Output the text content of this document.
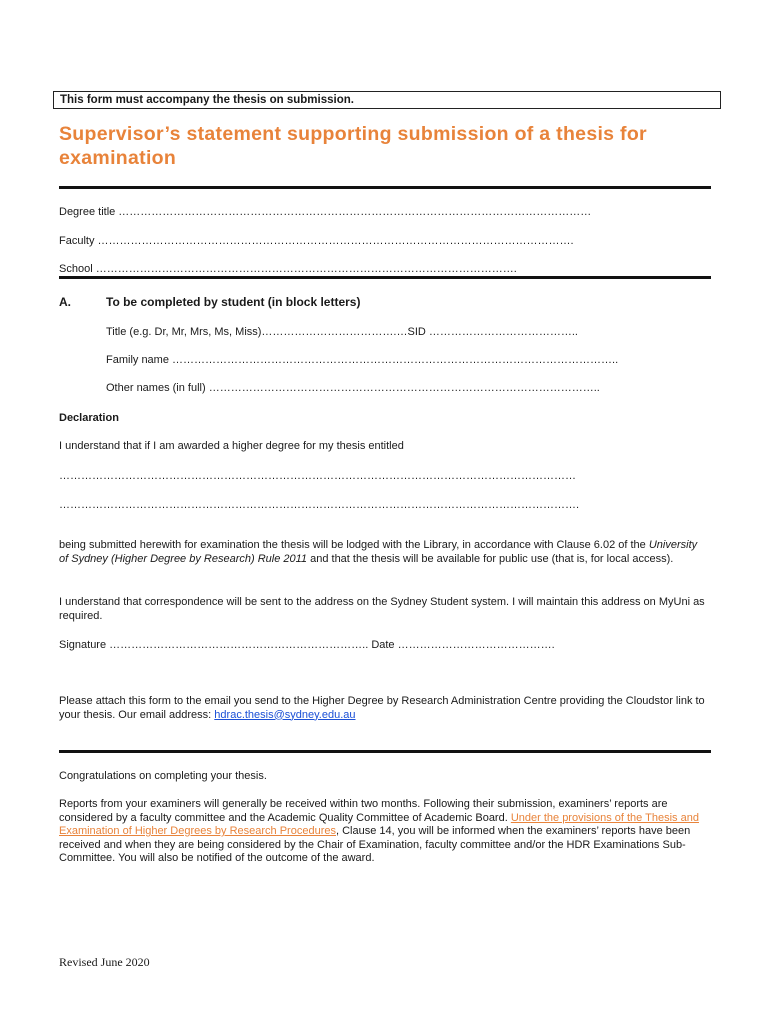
This form must accompany the thesis on submission.
Supervisor’s statement supporting submission of a thesis for examination
Degree title …………………………………………………………………………………………………………………
Faculty ………………………………………………………………………………………………………………….
School …………………………………………………………………………………………………….
A.	To be completed by student (in block letters)
Title (e.g. Dr, Mr, Mrs, Ms, Miss)……………………………….…SID …………………………………..
Family name …………………………………………………………………………………………………………..
Other names (in full) ……………………………………………………………………………………………..
Declaration
I understand that if I am awarded a higher degree for my thesis entitled
……………………………………………………………………………………………………………………………
…………………………………………………………………………………………………………………………….
being submitted herewith for examination the thesis will be lodged with the Library, in accordance with Clause 6.02 of the University of Sydney (Higher Degree by Research) Rule 2011 and that the thesis will be available for public use (that is, for local access).
I understand that correspondence will be sent to the address on the Sydney Student system. I will maintain this address on MyUni as required.
Signature …………………………………………………………….. Date …………………………………….
Please attach this form to the email you send to the Higher Degree by Research Administration Centre providing the Cloudstor link to your thesis. Our email address: hdrac.thesis@sydney.edu.au
Congratulations on completing your thesis.
Reports from your examiners will generally be received within two months. Following their submission, examiners’ reports are considered by a faculty committee and the Academic Quality Committee of Academic Board. Under the provisions of the Thesis and Examination of Higher Degrees by Research Procedures, Clause 14, you will be informed when the examiners’ reports have been received and when they are being considered by the Chair of Examination, faculty committee and/or the HDR Examinations Sub-Committee. You will also be notified of the outcome of the award.
Revised June 2020
